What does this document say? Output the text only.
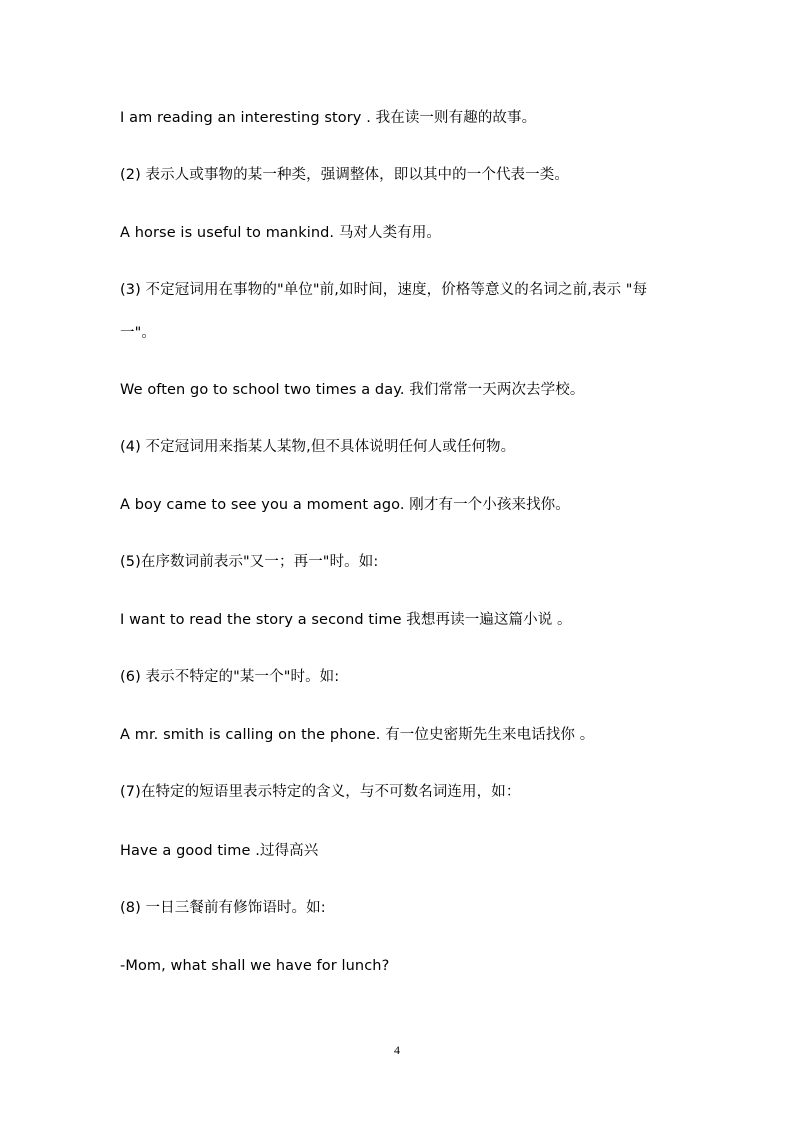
I am reading an interesting story . 我在读一则有趣的故事。
(2) 表示人或事物的某一种类，强调整体，即以其中的一个代表一类。
A horse is useful to mankind. 马对人类有用。
(3) 不定冠词用在事物的"单位"前,如时间，速度，价格等意义的名词之前,表示 "每
一"。
We often go to school two times a day. 我们常常一天两次去学校。
(4) 不定冠词用来指某人某物,但不具体说明任何人或任何物。
A boy came to see you a moment ago. 刚才有一个小孩来找你。
(5)在序数词前表示"又一；再一"时。如:
I want to read the story a second time 我想再读一遍这篇小说 。
(6) 表示不特定的"某一个"时。如:
A mr. smith is calling on the phone. 有一位史密斯先生来电话找你 。
(7)在特定的短语里表示特定的含义，与不可数名词连用，如：
Have a good time .过得高兴
(8) 一日三餐前有修饰语时。如:
-Mom, what shall we have for lunch?
4
